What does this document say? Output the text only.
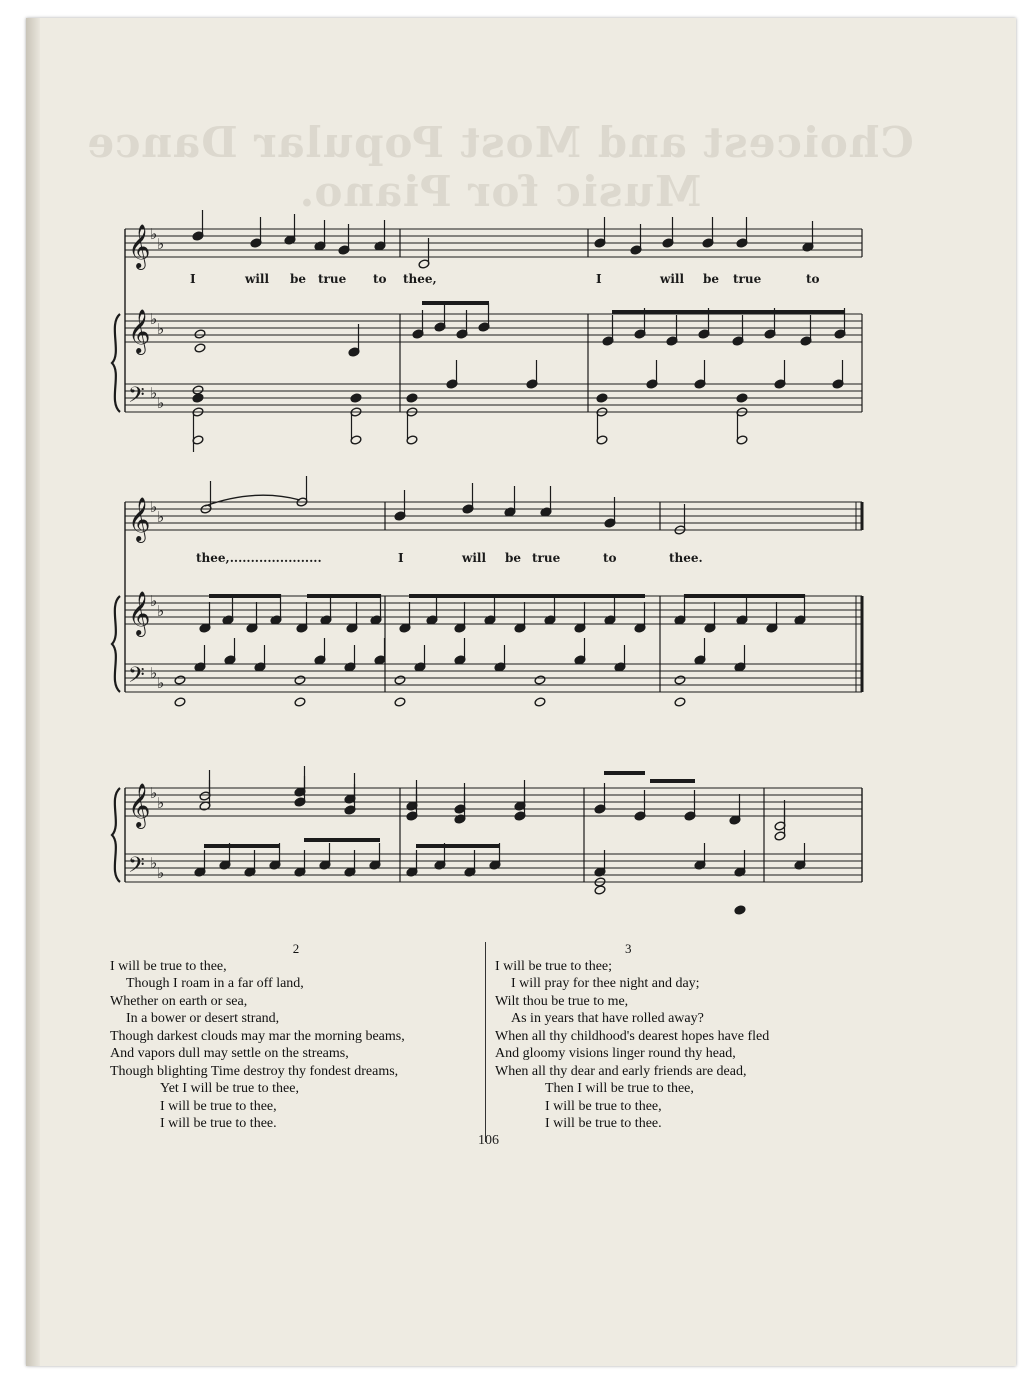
Choicest and Most Popular Dance Music for Piano.
𝄞 ♭
♭
𝄞 ♭
♭
𝄢 ♭
♭
𝄞 ♭
♭
𝄞 ♭
♭
𝄢 ♭
♭
𝄞 ♭
♭
𝄢 ♭
♭
I	will be true to thee,	I	will be true	to
thee,......................	I	will be true	to	thee.
2
I will be true to thee,
Though I roam in a far off land,
Whether on earth or sea,
In a bower or desert strand,
Though darkest clouds may mar the morning beams,
And vapors dull may settle on the streams,
Though blighting Time destroy thy fondest dreams,
Yet I will be true to thee,
I will be true to thee,
I will be true to thee.
3
I will be true to thee;
I will pray for thee night and day;
Wilt thou be true to me,
As in years that have rolled away?
When all thy childhood's dearest hopes have fled
And gloomy visions linger round thy head,
When all thy dear and early friends are dead,
Then I will be true to thee,
I will be true to thee,
I will be true to thee.
106
